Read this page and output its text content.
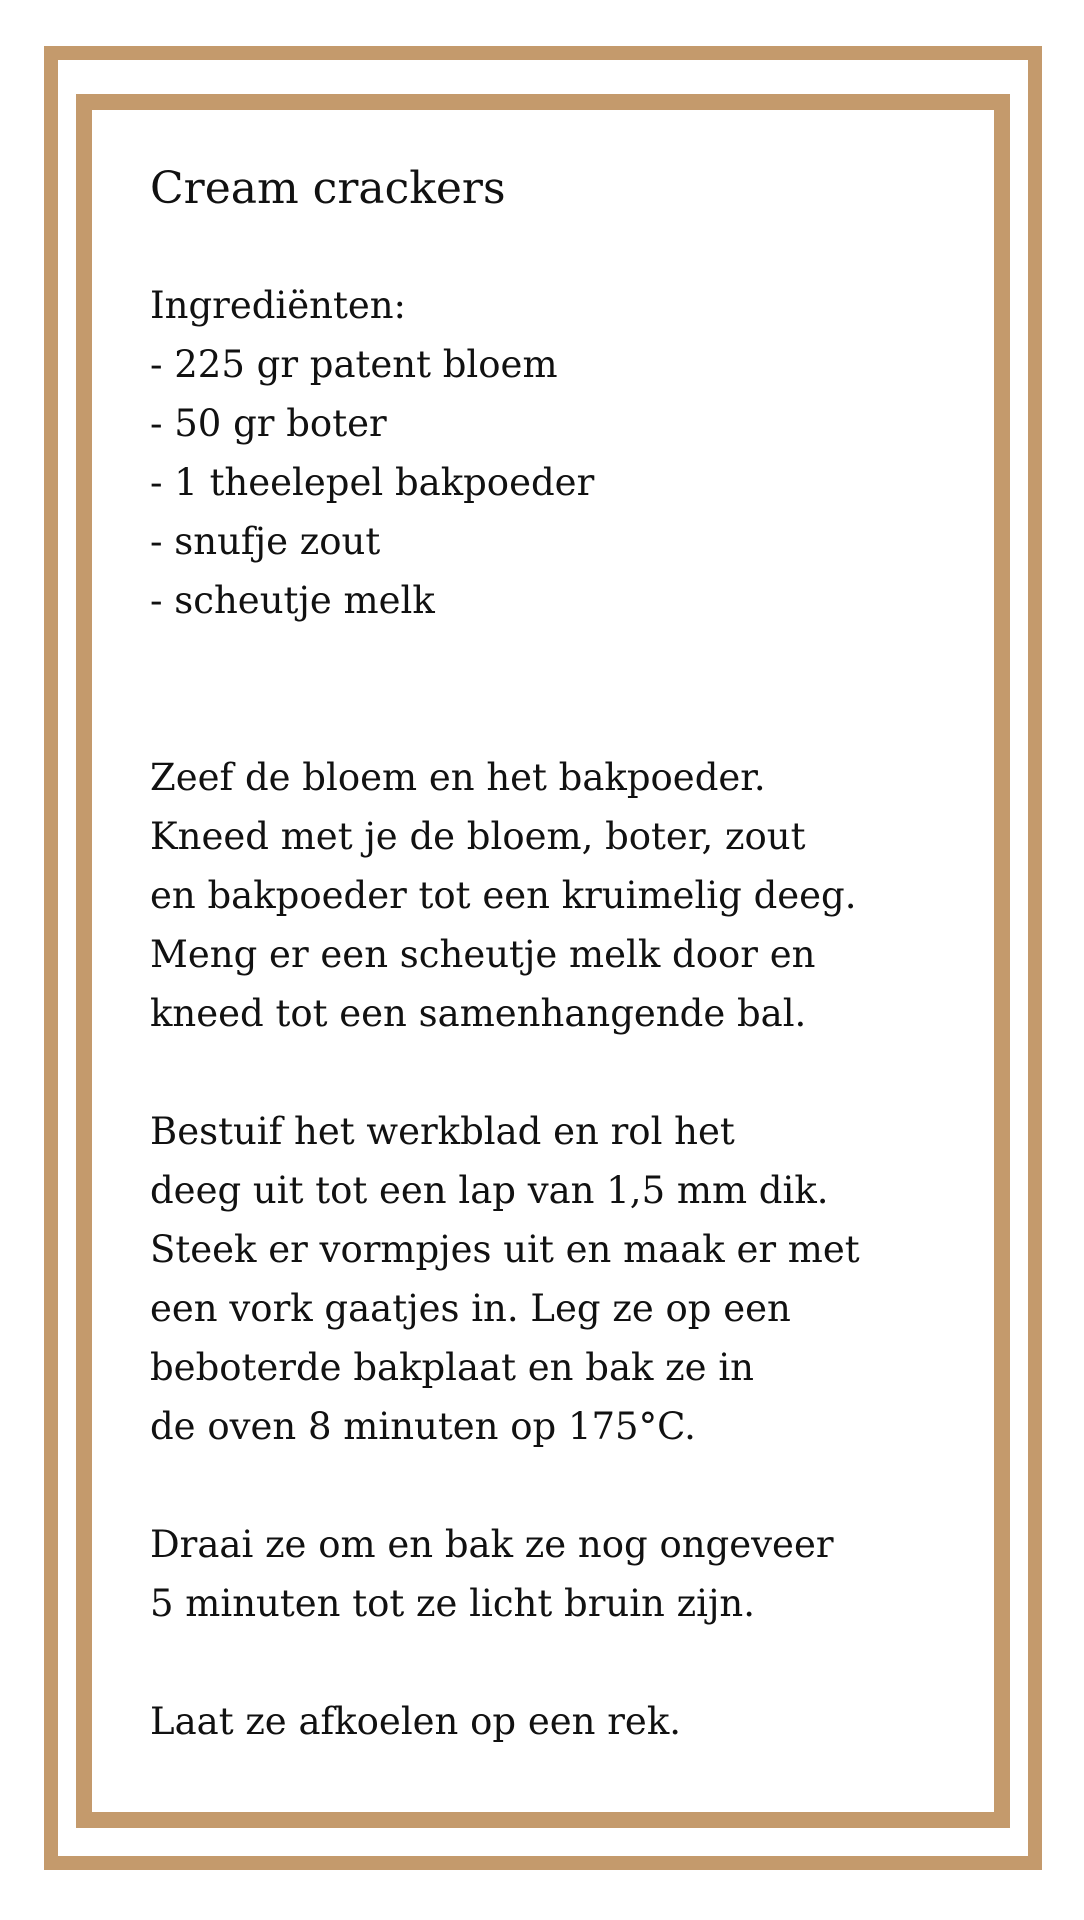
Cream crackers
Ingrediënten:
- 225 gr patent bloem
- 50 gr boter
- 1 theelepel bakpoeder
- snufje zout
- scheutje melk
Zeef de bloem en het bakpoeder.
Kneed met je de bloem, boter, zout
en bakpoeder tot een kruimelig deeg.
Meng er een scheutje melk door en
kneed tot een samenhangende bal.
Bestuif het werkblad en rol het
deeg uit tot een lap van 1,5 mm dik.
Steek er vormpjes uit en maak er met
een vork gaatjes in. Leg ze op een
beboterde bakplaat en bak ze in
de oven 8 minuten op 175°C.
Draai ze om en bak ze nog ongeveer
5 minuten tot ze licht bruin zijn.
Laat ze afkoelen op een rek.
